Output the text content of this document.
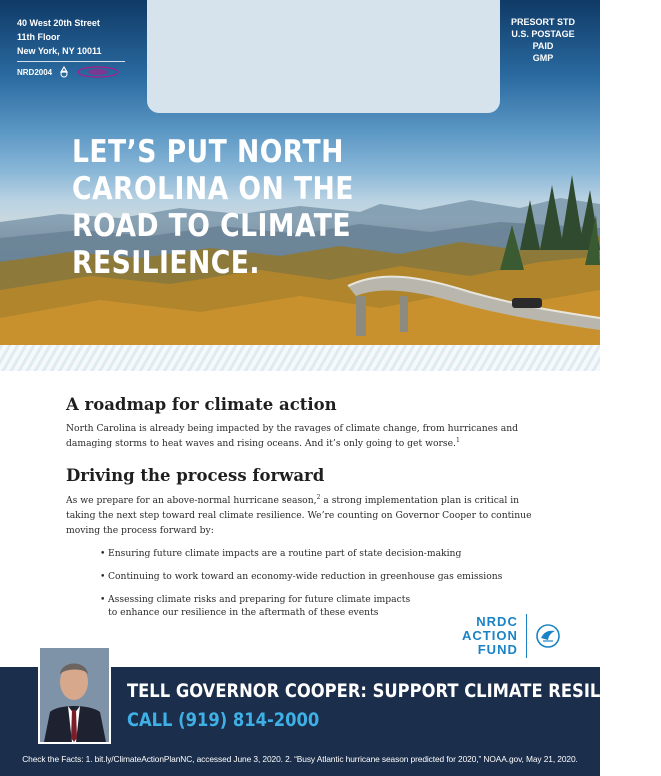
40 West 20th Street
11th Floor
New York, NY 10011
NRD2004
PRESORT STD
U.S. POSTAGE
PAID
GMP
LET’S PUT NORTH CAROLINA ON THE
ROAD TO CLIMATE RESILIENCE.
A roadmap for climate action

North Carolina is already being impacted by the ravages of climate change, from hurricanes and damaging storms to heat waves and rising oceans. And it’s only going to get worse.$^1$

Driving the process forward

As we prepare for an above-normal hurricane season,$^2$ a strong implementation plan is critical in taking the next step toward real climate resilience. We’re counting on Governor Cooper to continue moving the process forward by:

• Ensuring future climate impacts are a routine part of state decision-making
• Continuing to work toward an economy-wide reduction in greenhouse gas emissions
• Assessing climate risks and preparing for future climate impacts
to enhance our resilience in the aftermath of these events
NRDC
ACTION
FUND
TELL GOVERNOR COOPER: SUPPORT CLIMATE RESILIENCE.
CALL (919) 814-2000
Check the Facts: 1. bit.ly/ClimateActionPlanNC, accessed June 3, 2020. 2. “Busy Atlantic hurricane season predicted for 2020,” NOAA.gov, May 21, 2020.
